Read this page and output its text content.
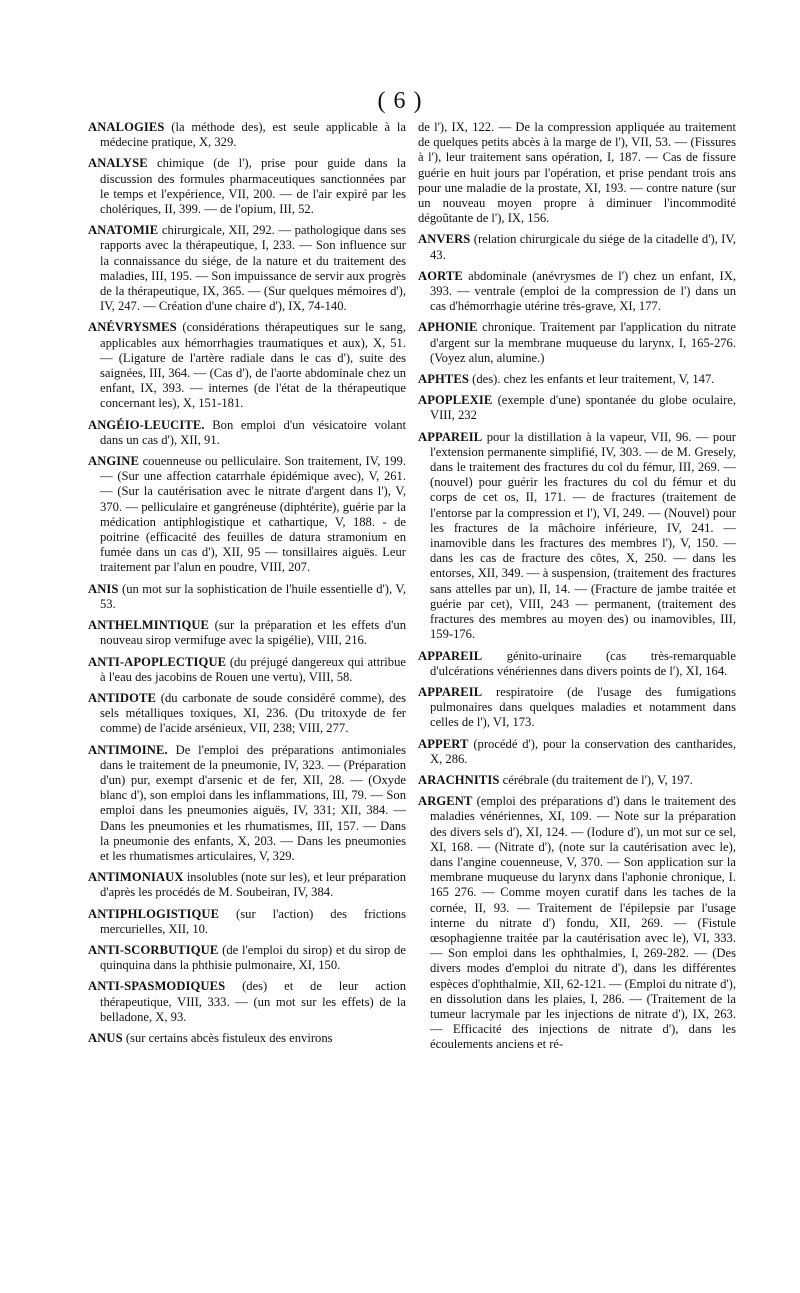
( 6 )

ANALOGIES (la méthode des), est seule applicable à la médecine pratique, X, 329.

ANALYSE chimique (de l'), prise pour guide dans la discussion des formules pharmaceutiques sanctionnées par le temps et l'expérience, VII, 200. — de l'air expiré par les cholériques, II, 399. — de l'opium, III, 52.

ANATOMIE chirurgicale, XII, 292. — pathologique dans ses rapports avec la thérapeutique, I, 233. — Son influence sur la connaissance du siége, de la nature et du traitement des maladies, III, 195. — Son impuissance de servir aux progrès de la thérapeutique, IX, 365. — (Sur quelques mémoires d'), IV, 247. — Création d'une chaire d'), IX, 74-140.

ANÉVRYSMES (considérations thérapeutiques sur le sang, applicables aux hémorrhagies traumatiques et aux), X, 51. — (Ligature de l'artère radiale dans le cas d'), suite des saignées, III, 364. — (Cas d'), de l'aorte abdominale chez un enfant, IX, 393. — internes (de l'état de la thérapeutique concernant les), X, 151-181.

ANGÉIO-LEUCITE. Bon emploi d'un vésicatoire volant dans un cas d'), XII, 91.

ANGINE couenneuse ou pelliculaire. Son traitement, IV, 199. — (Sur une affection catarrhale épidémique avec), V, 261. — (Sur la cautérisation avec le nitrate d'argent dans l'), V, 370. — pelliculaire et gangréneuse (diphtérite), guérie par la médication antiphlogistique et cathartique, V, 188. - de poitrine (efficacité des feuilles de datura stramonium en fumée dans un cas d'), XII, 95 — tonsillaires aiguës. Leur traitement par l'alun en poudre, VIII, 207.

ANIS (un mot sur la sophistication de l'huile essentielle d'), V, 53.

ANTHELMINTIQUE (sur la préparation et les effets d'un nouveau sirop vermifuge avec la spigélie), VIII, 216.

ANTI-APOPLECTIQUE (du préjugé dangereux qui attribue à l'eau des jacobins de Rouen une vertu), VIII, 58.

ANTIDOTE (du carbonate de soude considéré comme), des sels métalliques toxiques, XI, 236. (Du tritoxyde de fer comme) de l'acide arsénieux, VII, 238; VIII, 277.

ANTIMOINE. De l'emploi des préparations antimoniales dans le traitement de la pneumonie, IV, 323. — (Préparation d'un) pur, exempt d'arsenic et de fer, XII, 28. — (Oxyde blanc d'), son emploi dans les inflammations, III, 79. — Son emploi dans les pneumonies aiguës, IV, 331; XII, 384. — Dans les pneumonies et les rhumatismes, III, 157. — Dans la pneumonie des enfants, X, 203. — Dans les pneumonies et les rhumatismes articulaires, V, 329.

ANTIMONIAUX insolubles (note sur les), et leur préparation d'après les procédés de M. Soubeiran, IV, 384.

ANTIPHLOGISTIQUE (sur l'action) des frictions mercurielles, XII, 10.

ANTI-SCORBUTIQUE (de l'emploi du sirop) et du sirop de quinquina dans la phthisie pulmonaire, XI, 150.

ANTI-SPASMODIQUES (des) et de leur action thérapeutique, VIII, 333. — (un mot sur les effets) de la belladone, X, 93.

ANUS (sur certains abcès fistuleux des environs

de l'), IX, 122. — De la compression appliquée au traitement de quelques petits abcès à la marge de l'), VII, 53. — (Fissures à l'), leur traitement sans opération, I, 187. — Cas de fissure guérie en huit jours par l'opération, et prise pendant trois ans pour une maladie de la prostate, XI, 193. — contre nature (sur un nouveau moyen propre à diminuer l'incommodité dégoûtante de l'), IX, 156.

ANVERS (relation chirurgicale du siége de la citadelle d'), IV, 43.

AORTE abdominale (anévrysmes de l') chez un enfant, IX, 393. — ventrale (emploi de la compression de l') dans un cas d'hémorrhagie utérine très-grave, XI, 177.

APHONIE chronique. Traitement par l'application du nitrate d'argent sur la membrane muqueuse du larynx, I, 165-276. (Voyez alun, alumine.)

APHTES (des). chez les enfants et leur traitement, V, 147.

APOPLEXIE (exemple d'une) spontanée du globe oculaire, VIII, 232

APPAREIL pour la distillation à la vapeur, VII, 96. — pour l'extension permanente simplifié, IV, 303. — de M. Gresely, dans le traitement des fractures du col du fémur, III, 269. — (nouvel) pour guérir les fractures du col du fémur et du corps de cet os, II, 171. — de fractures (traitement de l'entorse par la compression et l'), VI, 249. — (Nouvel) pour les fractures de la mâchoire inférieure, IV, 241. — inamovible dans les fractures des membres l'), V, 150. — dans les cas de fracture des côtes, X, 250. — dans les entorses, XII, 349. — à suspension, (traitement des fractures sans attelles par un), II, 14. — (Fracture de jambe traitée et guérie par cet), VIII, 243 — permanent, (traitement des fractures des membres au moyen des) ou inamovibles, III, 159-176.

APPAREIL génito-urinaire (cas très-remarquable d'ulcérations vénériennes dans divers points de l'), XI, 164.

APPAREIL respiratoire (de l'usage des fumigations pulmonaires dans quelques maladies et notamment dans celles de l'), VI, 173.

APPERT (procédé d'), pour la conservation des cantharides, X, 286.

ARACHNITIS cérébrale (du traitement de l'), V, 197.

ARGENT (emploi des préparations d') dans le traitement des maladies vénériennes, XI, 109. — Note sur la préparation des divers sels d'), XI, 124. — (Iodure d'), un mot sur ce sel, XI, 168. — (Nitrate d'), (note sur la cautérisation avec le), dans l'angine couenneuse, V, 370. — Son application sur la membrane muqueuse du larynx dans l'aphonie chronique, I. 165 276. — Comme moyen curatif dans les taches de la cornée, II, 93. — Traitement de l'épilepsie par l'usage interne du nitrate d') fondu, XII, 269. — (Fistule œsophagienne traitée par la cautérisation avec le), VI, 333. — Son emploi dans les ophthalmies, I, 269-282. — (Des divers modes d'emploi du nitrate d'), dans les différentes espèces d'ophthalmie, XII, 62-121. — (Emploi du nitrate d'), en dissolution dans les plaies, I, 286. — (Traitement de la tumeur lacrymale par les injections de nitrate d'), IX, 263. — Efficacité des injections de nitrate d'), dans les écoulements anciens et ré-
